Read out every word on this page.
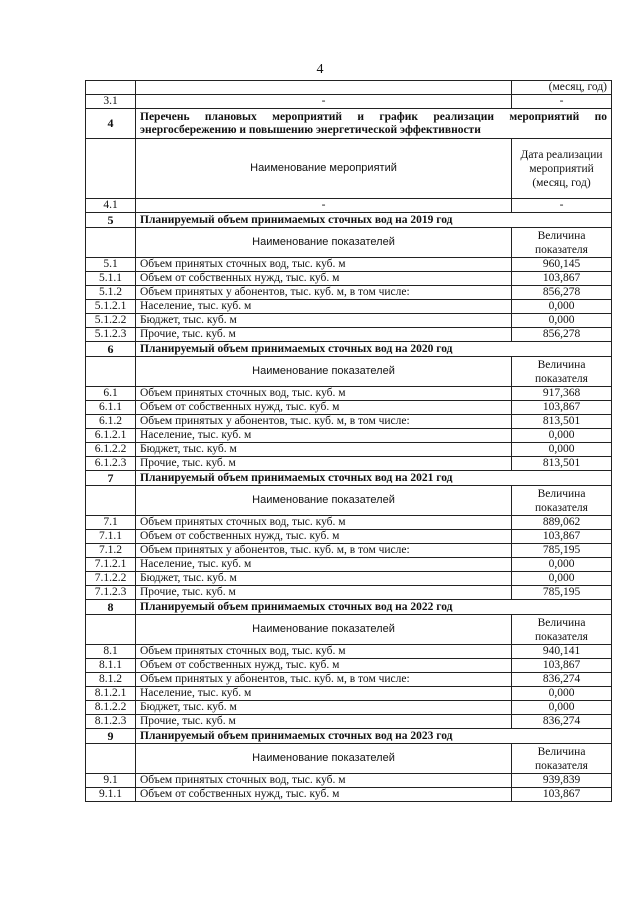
4
		(месяц, год)
3.1	-	-
4	Перечень плановых мероприятий и график реализации мероприятий по энергосбережению и повышению энергетической эффективности	
	Наименование мероприятий	Дата реализации мероприятий (месяц, год)
4.1	-	-
5	Планируемый объем принимаемых сточных вод на 2019 год	
	Наименование показателей	Величина показателя
5.1	Объем принятых сточных вод, тыс. куб. м	960,145
5.1.1	Объем от собственных нужд, тыс. куб. м	103,867
5.1.2	Объем принятых у абонентов, тыс. куб. м, в том числе:	856,278
5.1.2.1	Население, тыс. куб. м	0,000
5.1.2.2	Бюджет, тыс. куб. м	0,000
5.1.2.3	Прочие, тыс. куб. м	856,278
6	Планируемый объем принимаемых сточных вод на 2020 год	
	Наименование показателей	Величина показателя
6.1	Объем принятых сточных вод, тыс. куб. м	917,368
6.1.1	Объем от собственных нужд, тыс. куб. м	103,867
6.1.2	Объем принятых у абонентов, тыс. куб. м, в том числе:	813,501
6.1.2.1	Население, тыс. куб. м	0,000
6.1.2.2	Бюджет, тыс. куб. м	0,000
6.1.2.3	Прочие, тыс. куб. м	813,501
7	Планируемый объем принимаемых сточных вод на 2021 год	
	Наименование показателей	Величина показателя
7.1	Объем принятых сточных вод, тыс. куб. м	889,062
7.1.1	Объем от собственных нужд, тыс. куб. м	103,867
7.1.2	Объем принятых у абонентов, тыс. куб. м, в том числе:	785,195
7.1.2.1	Население, тыс. куб. м	0,000
7.1.2.2	Бюджет, тыс. куб. м	0,000
7.1.2.3	Прочие, тыс. куб. м	785,195
8	Планируемый объем принимаемых сточных вод на 2022 год	
	Наименование показателей	Величина показателя
8.1	Объем принятых сточных вод, тыс. куб. м	940,141
8.1.1	Объем от собственных нужд, тыс. куб. м	103,867
8.1.2	Объем принятых у абонентов, тыс. куб. м, в том числе:	836,274
8.1.2.1	Население, тыс. куб. м	0,000
8.1.2.2	Бюджет, тыс. куб. м	0,000
8.1.2.3	Прочие, тыс. куб. м	836,274
9	Планируемый объем принимаемых сточных вод на 2023 год	
	Наименование показателей	Величина показателя
9.1	Объем принятых сточных вод, тыс. куб. м	939,839
9.1.1	Объем от собственных нужд, тыс. куб. м	103,867
